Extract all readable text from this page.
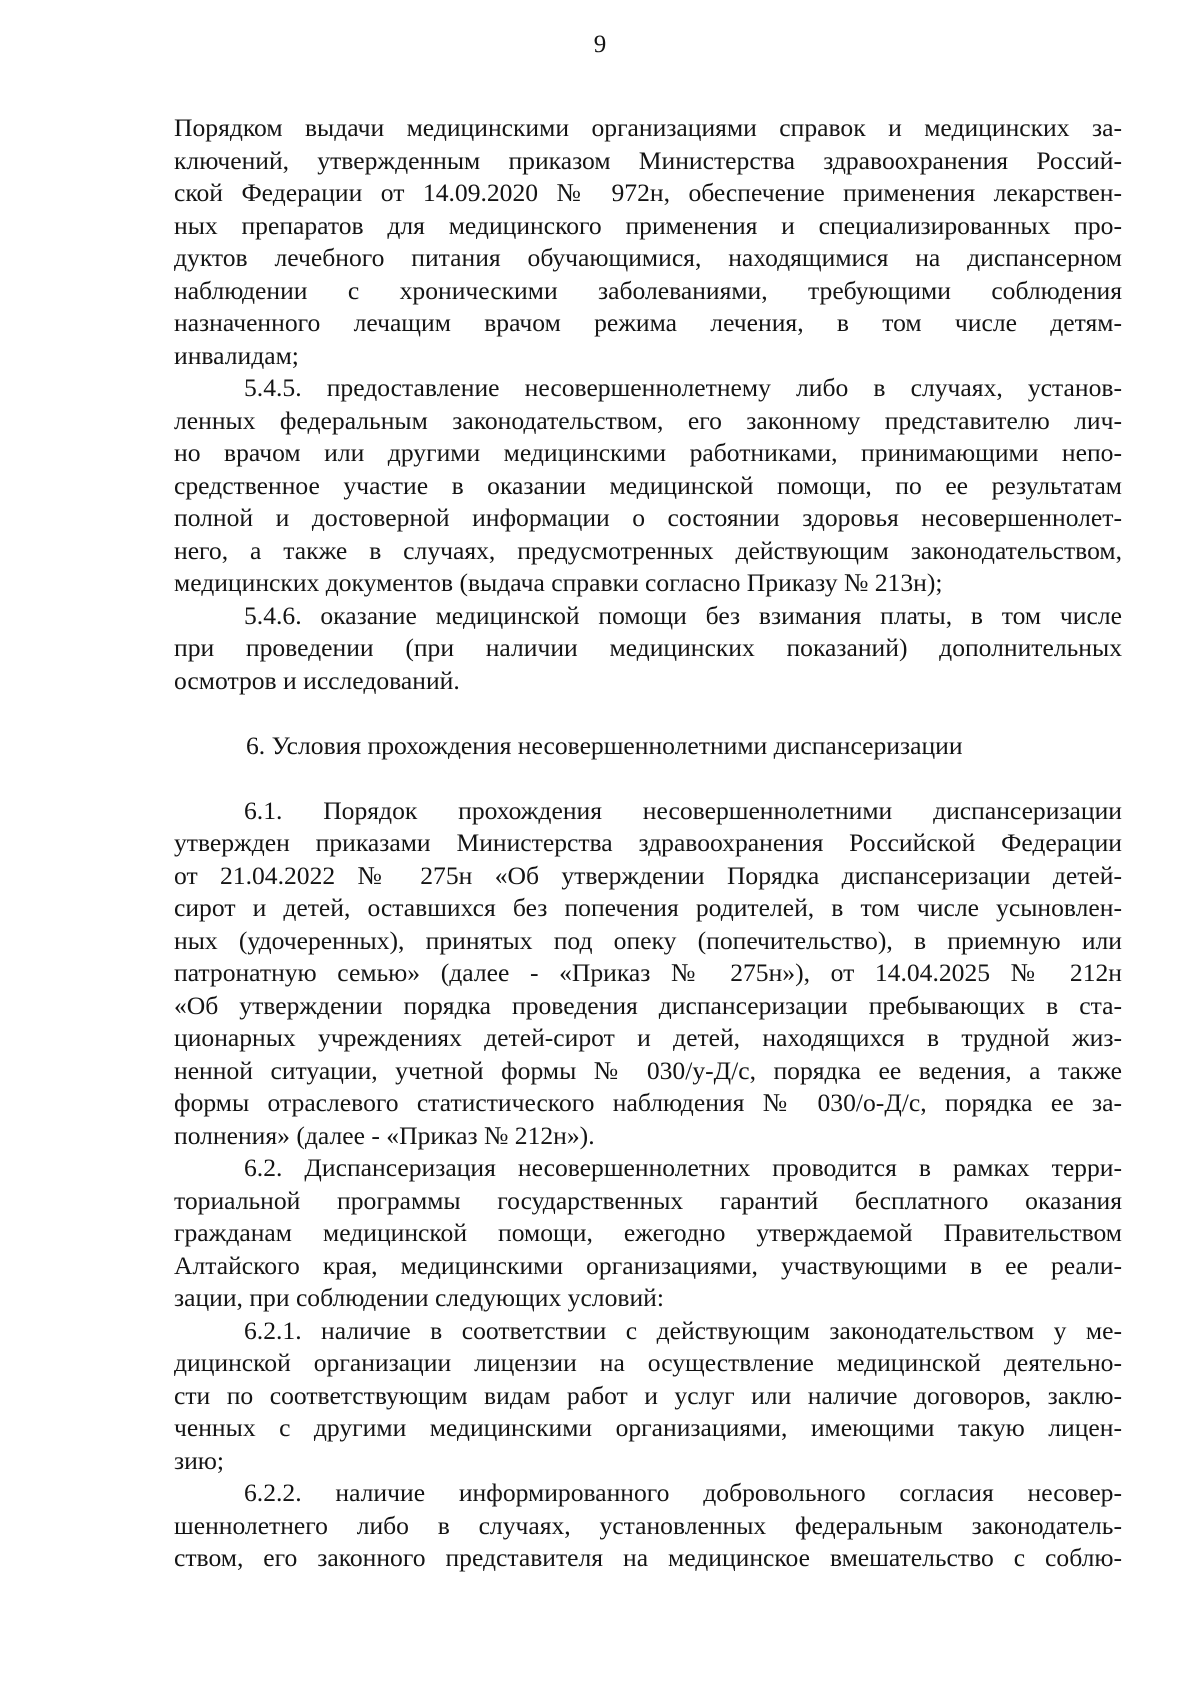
9
Порядком выдачи медицинскими организациями справок и медицинских за-
ключений, утвержденным приказом Министерства здравоохранения Россий-
ской Федерации от 14.09.2020 № 972н, обеспечение применения лекарствен-
ных препаратов для медицинского применения и специализированных про-
дуктов лечебного питания обучающимися, находящимися на диспансерном
наблюдении с хроническими заболеваниями, требующими соблюдения
назначенного лечащим врачом режима лечения, в том числе детям-
инвалидам;
5.4.5. предоставление несовершеннолетнему либо в случаях, установ-
ленных федеральным законодательством, его законному представителю лич-
но врачом или другими медицинскими работниками, принимающими непо-
средственное участие в оказании медицинской помощи, по ее результатам
полной и достоверной информации о состоянии здоровья несовершеннолет-
него, а также в случаях, предусмотренных действующим законодательством,
медицинских документов (выдача справки согласно Приказу № 213н);
5.4.6. оказание медицинской помощи без взимания платы, в том числе
при проведении (при наличии медицинских показаний) дополнительных
осмотров и исследований.
6. Условия прохождения несовершеннолетними диспансеризации
6.1. Порядок прохождения несовершеннолетними диспансеризации
утвержден приказами Министерства здравоохранения Российской Федерации
от 21.04.2022 № 275н «Об утверждении Порядка диспансеризации детей-
сирот и детей, оставшихся без попечения родителей, в том числе усыновлен-
ных (удочеренных), принятых под опеку (попечительство), в приемную или
патронатную семью» (далее - «Приказ № 275н»), от 14.04.2025 № 212н
«Об утверждении порядка проведения диспансеризации пребывающих в ста-
ционарных учреждениях детей-сирот и детей, находящихся в трудной жиз-
ненной ситуации, учетной формы № 030/у-Д/с, порядка ее ведения, а также
формы отраслевого статистического наблюдения № 030/о-Д/с, порядка ее за-
полнения» (далее - «Приказ № 212н»).
6.2. Диспансеризация несовершеннолетних проводится в рамках терри-
ториальной программы государственных гарантий бесплатного оказания
гражданам медицинской помощи, ежегодно утверждаемой Правительством
Алтайского края, медицинскими организациями, участвующими в ее реали-
зации, при соблюдении следующих условий:
6.2.1. наличие в соответствии с действующим законодательством у ме-
дицинской организации лицензии на осуществление медицинской деятельно-
сти по соответствующим видам работ и услуг или наличие договоров, заклю-
ченных с другими медицинскими организациями, имеющими такую лицен-
зию;
6.2.2. наличие информированного добровольного согласия несовер-
шеннолетнего либо в случаях, установленных федеральным законодатель-
ством, его законного представителя на медицинское вмешательство с соблю-
